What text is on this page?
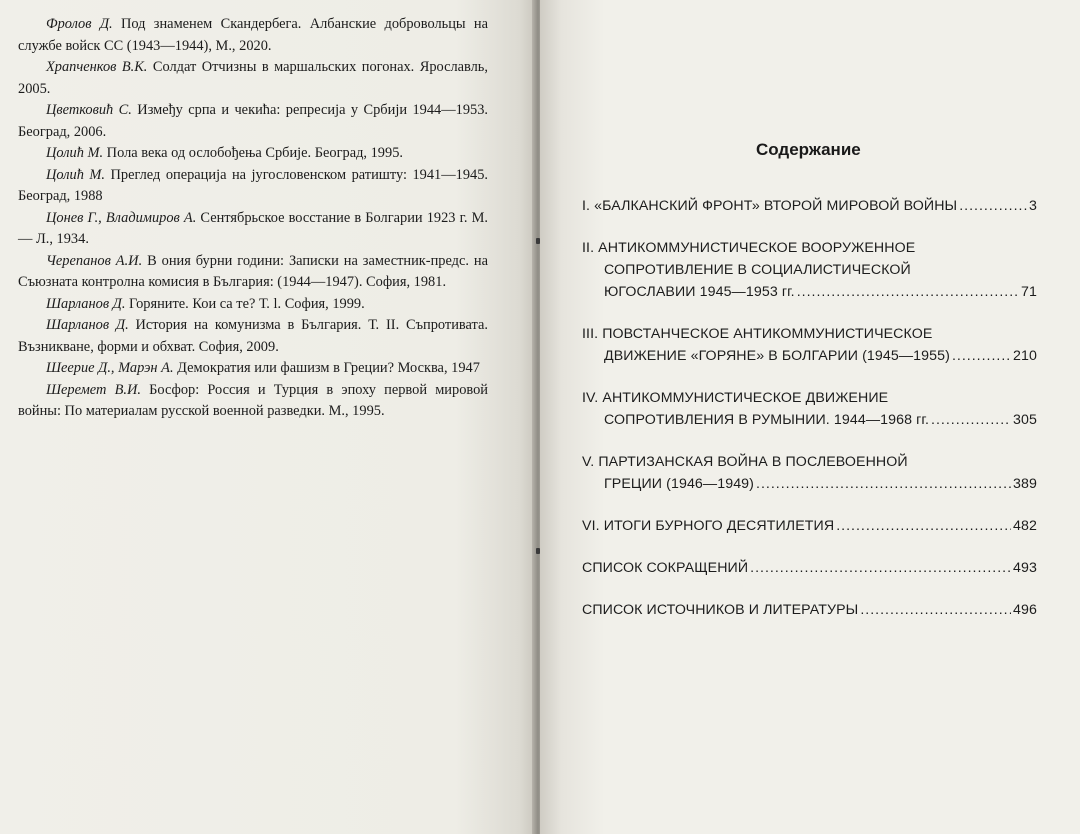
Фролов Д. Под знаменем Скандербега. Албанские добровольцы на службе войск СС (1943—1944), М., 2020.

Храпченков В.К. Солдат Отчизны в маршальских погонах. Ярославль, 2005.

Цветковић С. Између српа и чекића: репресија у Србији 1944—1953. Београд, 2006.

Цолић М. Пола века од ослобођења Србије. Београд, 1995.

Цолић М. Преглед операција на југословенском ратишту: 1941—1945. Београд, 1988

Цонев Г., Владимиров А. Сентябрьское восстание в Болгарии 1923 г. М. — Л., 1934.

Черепанов А.И. В ония бурни години: Записки на заместник-предс. на Съюзната контролна комисия в България: (1944—1947). София, 1981.

Шарланов Д. Горяните. Кои са те? Т. l. София, 1999.

Шарланов Д. История на комунизма в България. Т. II. Съпротивата. Възникване, форми и обхват. София, 2009.

Шеерие Д., Марэн А. Демократия или фашизм в Греции? Москва, 1947

Шеремет В.И. Босфор: Россия и Турция в эпоху первой мировой войны: По материалам русской военной разведки. М., 1995.

Содержание
I. «БАЛКАНСКИЙ ФРОНТ» ВТОРОЙ МИРОВОЙ ВОЙНЫ .....	3
II. АНТИКОММУНИСТИЧЕСКОЕ ВООРУЖЕННОЕ
СОПРОТИВЛЕНИЕ В СОЦИАЛИСТИЧЕСКОЙ
ЮГОСЛАВИИ 1945—1953 гг. .....	71
III. ПОВСТАНЧЕСКОЕ АНТИКОММУНИСТИЧЕСКОЕ
ДВИЖЕНИЕ «ГОРЯНЕ» В БОЛГАРИИ (1945—1955) .....	210
IV. АНТИКОММУНИСТИЧЕСКОЕ ДВИЖЕНИЕ
СОПРОТИВЛЕНИЯ В РУМЫНИИ. 1944—1968 гг. .....	305
V. ПАРТИЗАНСКАЯ ВОЙНА В ПОСЛЕВОЕННОЙ
ГРЕЦИИ (1946—1949) .....	389
VI. ИТОГИ БУРНОГО ДЕСЯТИЛЕТИЯ .....	482
СПИСОК СОКРАЩЕНИЙ .....	493
СПИСОК ИСТОЧНИКОВ И ЛИТЕРАТУРЫ .....	496
